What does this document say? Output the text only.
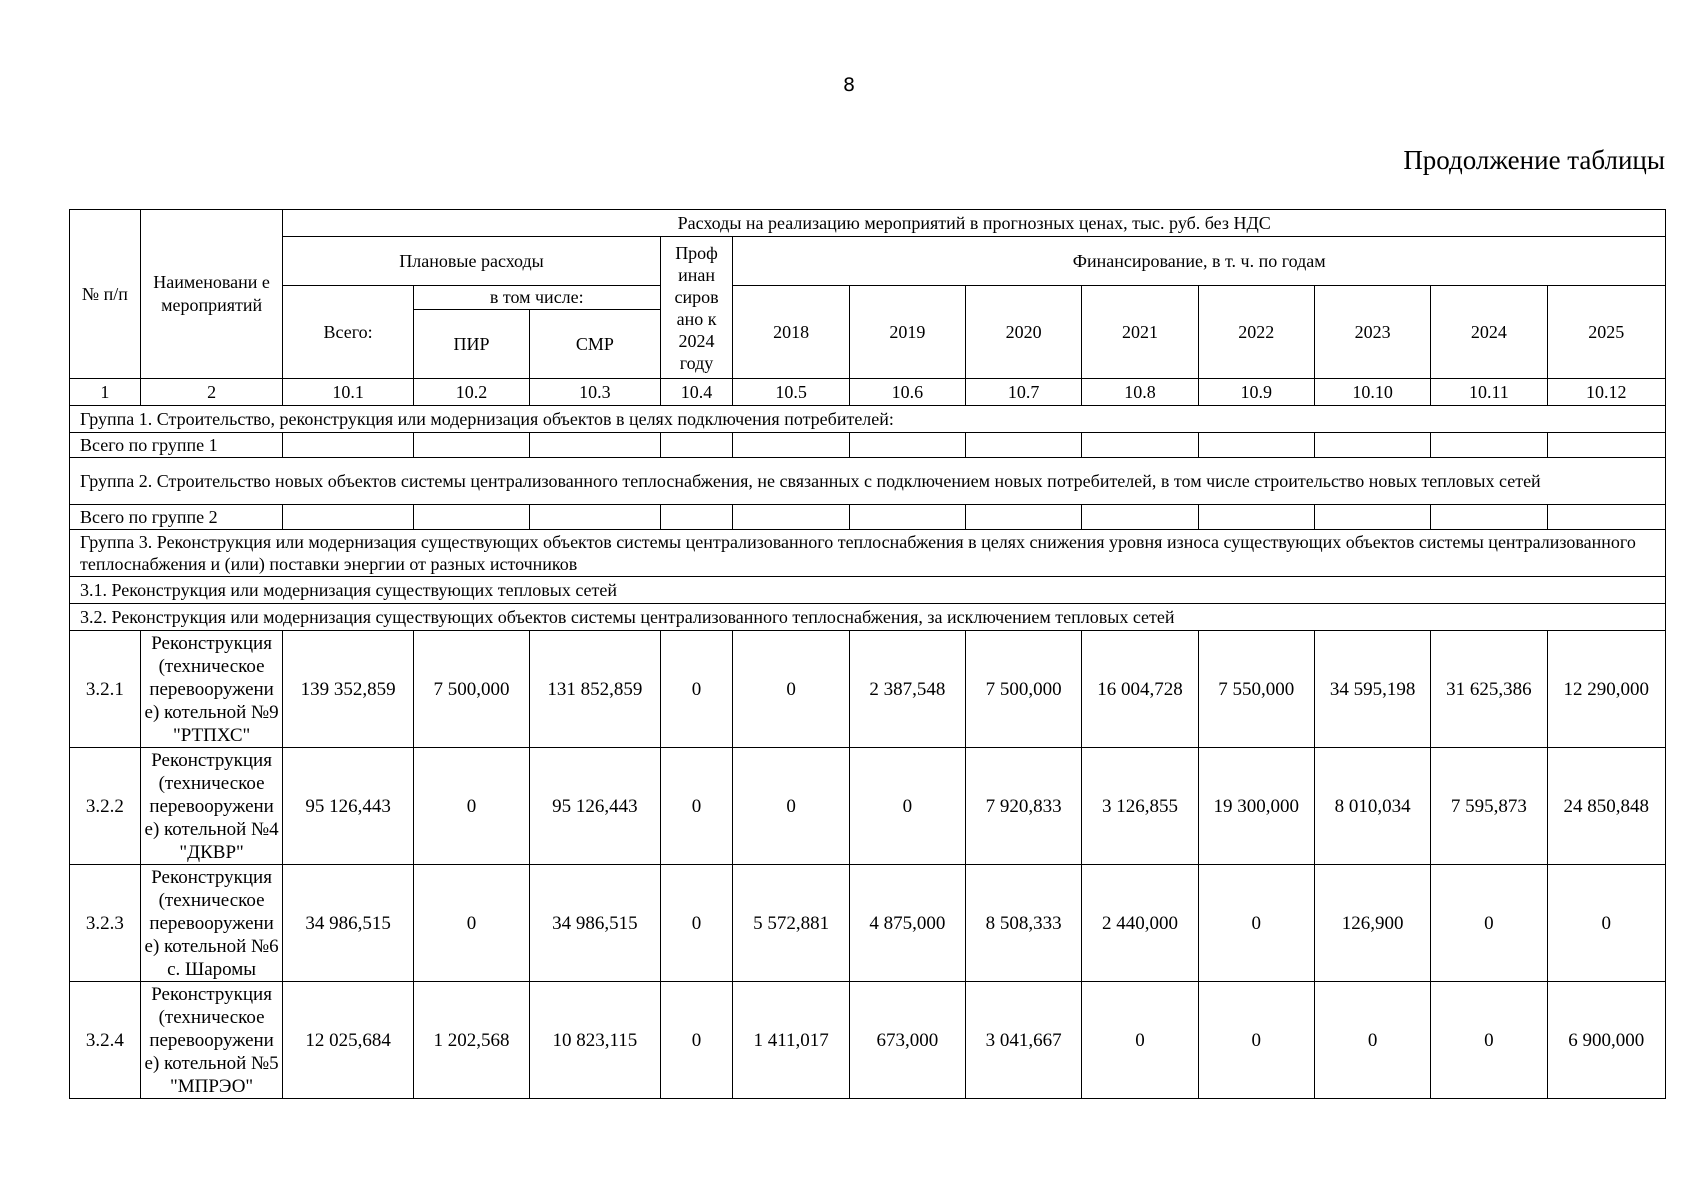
8
Продолжение таблицы
№ п/п	Наименовани е мероприятий	Расходы на реализацию мероприятий в прогнозных ценах, тыс. руб. без НДС											
		Плановые расходы			Проф инан сиров ано к 2024 году	Финансирование, в т. ч. по годам							
		Всего:	в том числе:			2018	2019	2020	2021	2022	2023	2024	2025
			ПИР	СМР									
1	2	10.1	10.2	10.3	10.4	10.5	10.6	10.7	10.8	10.9	10.10	10.11	10.12
Группа 1. Строительство, реконструкция или модернизация объектов в целях подключения потребителей:													
Всего по группе 1													
Группа 2. Строительство новых объектов системы централизованного теплоснабжения, не связанных с подключением новых потребителей, в том числе строительство новых тепловых сетей													
Всего по группе 2													
Группа 3. Реконструкция или модернизация существующих объектов системы централизованного теплоснабжения в целях снижения уровня износа существующих объектов системы централизованного теплоснабжения и (или) поставки энергии от разных источников													
3.1. Реконструкция или модернизация существующих тепловых сетей													
3.2. Реконструкция или модернизация существующих объектов системы централизованного теплоснабжения, за исключением тепловых сетей													
3.2.1	Реконструкция (техническое перевооружени е) котельной №9 "РТПХС"	139 352,859	7 500,000	131 852,859	0	0	2 387,548	7 500,000	16 004,728	7 550,000	34 595,198	31 625,386	12 290,000
3.2.2	Реконструкция (техническое перевооружени е) котельной №4 "ДКВР"	95 126,443	0	95 126,443	0	0	0	7 920,833	3 126,855	19 300,000	8 010,034	7 595,873	24 850,848
3.2.3	Реконструкция (техническое перевооружени е) котельной №6 с. Шаромы	34 986,515	0	34 986,515	0	5 572,881	4 875,000	8 508,333	2 440,000	0	126,900	0	0
3.2.4	Реконструкция (техническое перевооружени е) котельной №5 "МПРЭО"	12 025,684	1 202,568	10 823,115	0	1 411,017	673,000	3 041,667	0	0	0	0	6 900,000
